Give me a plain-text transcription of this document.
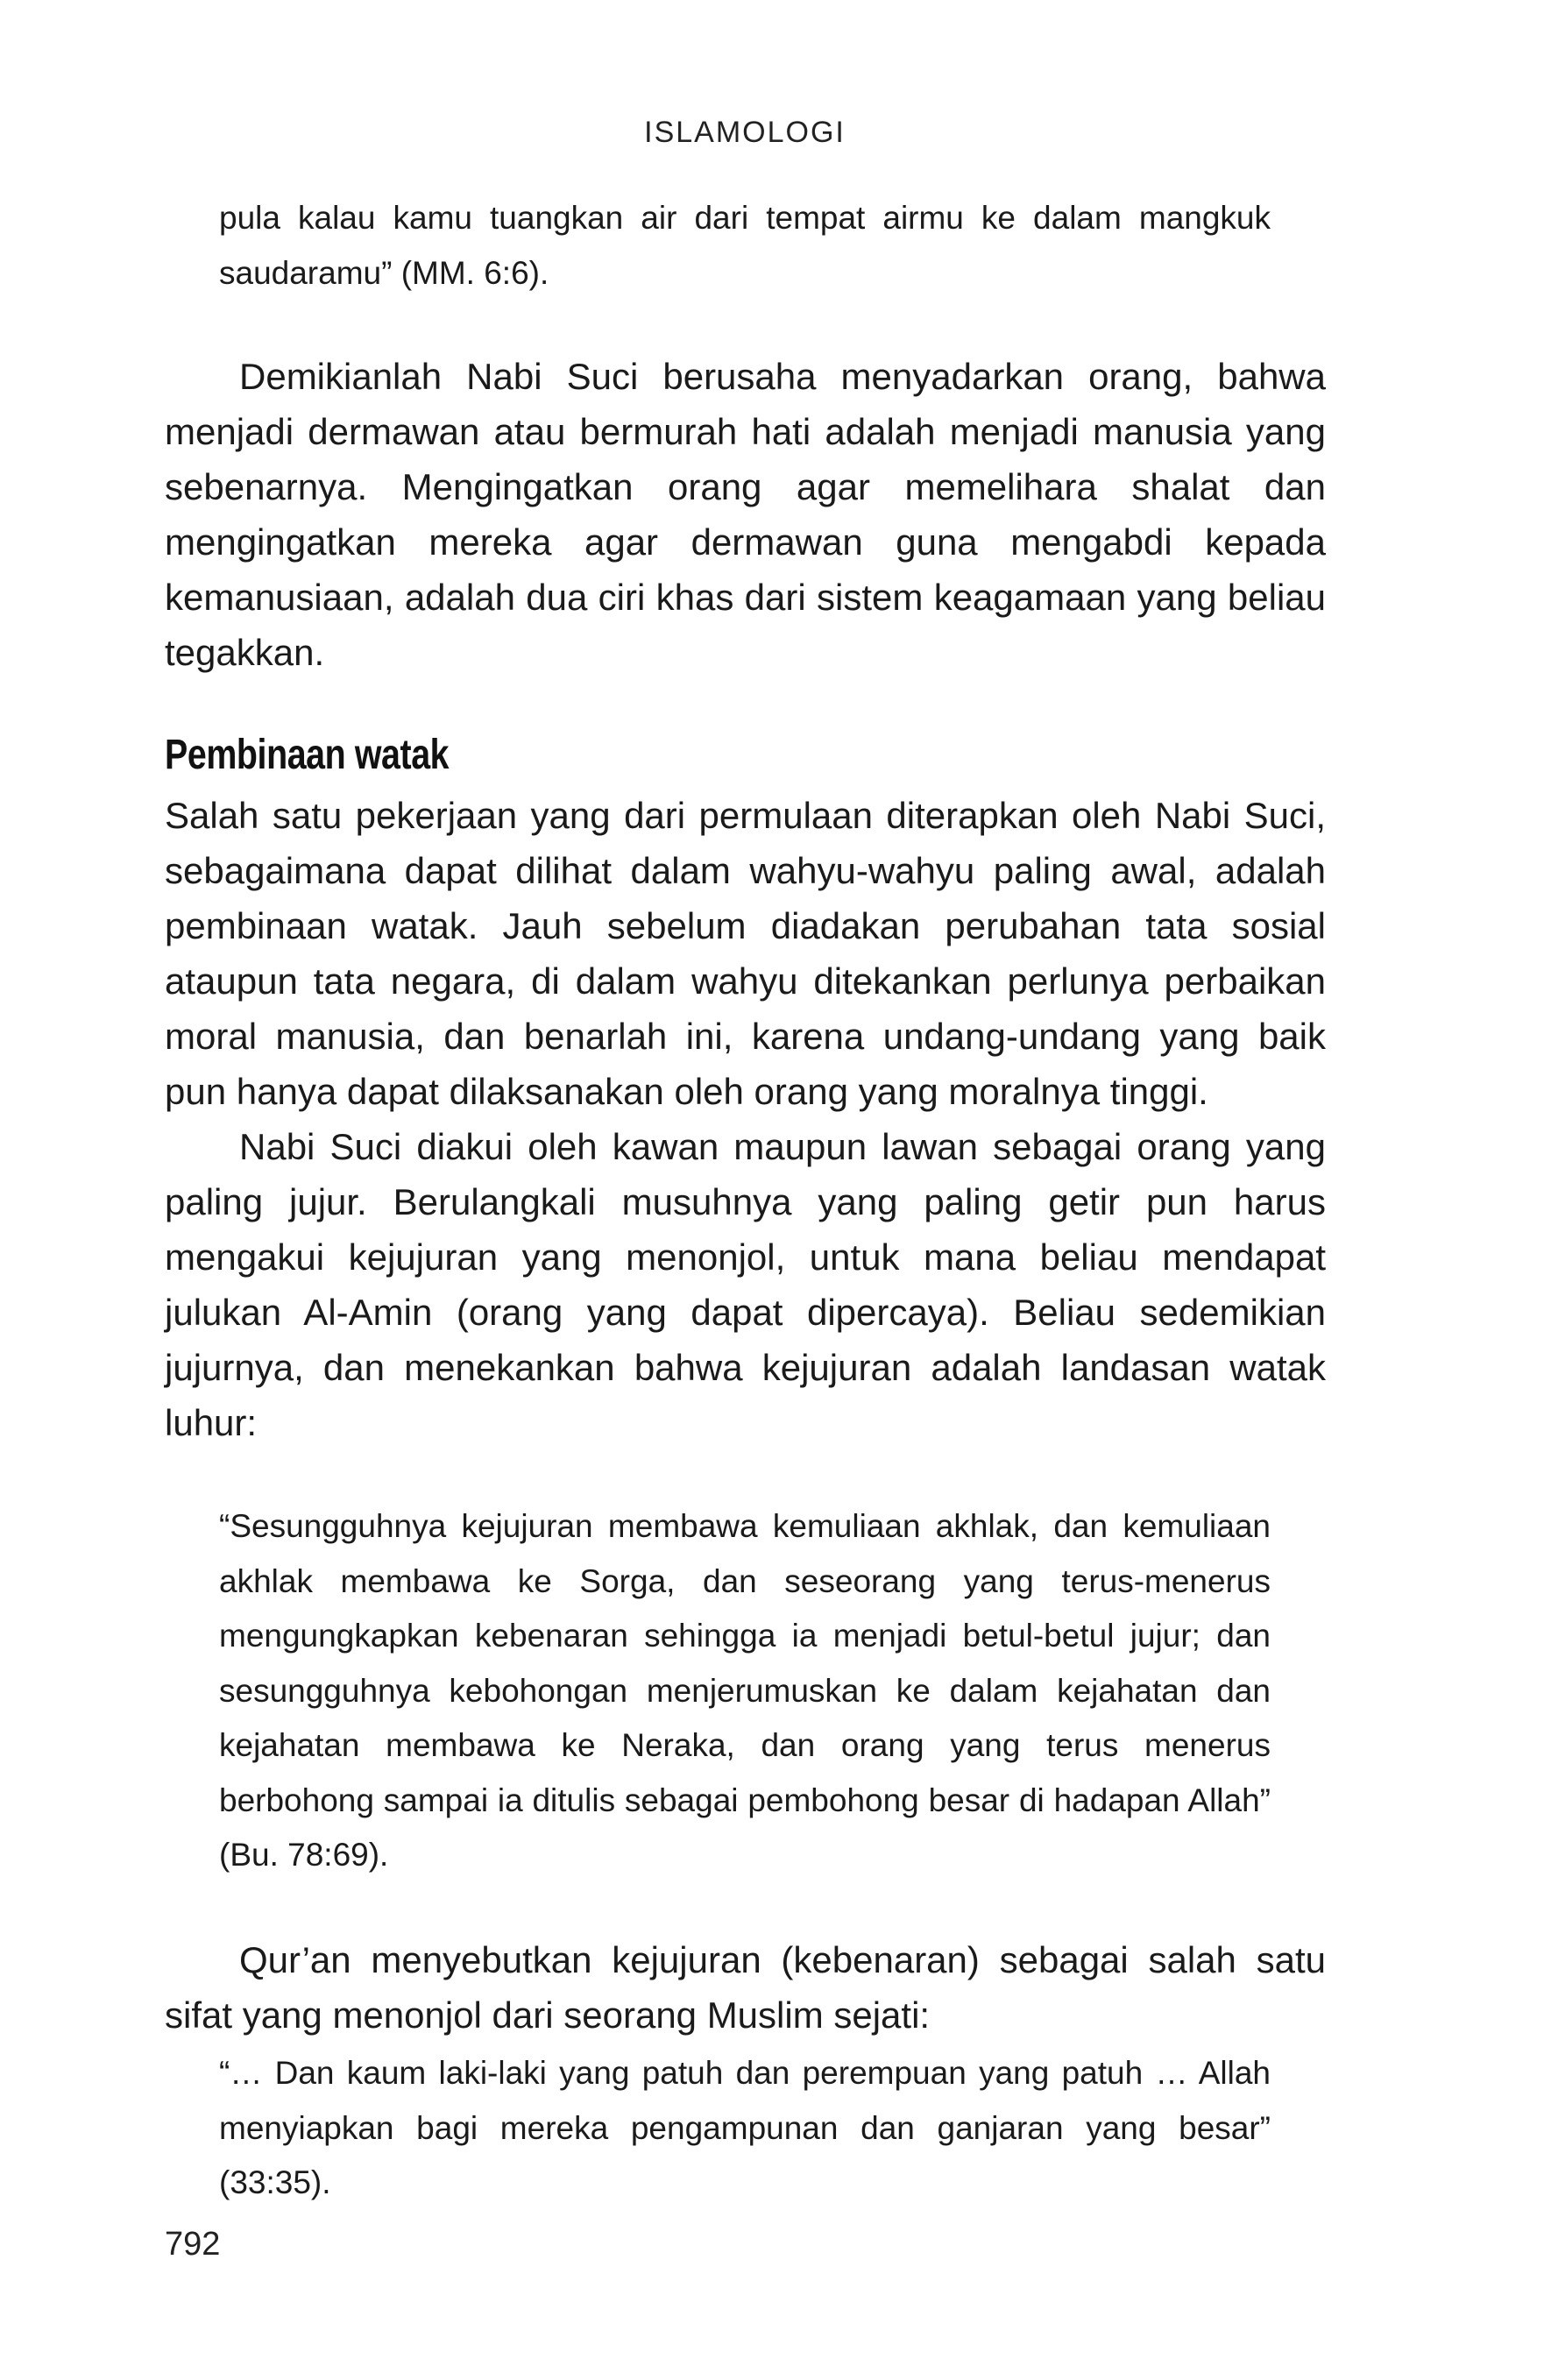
ISLAMOLOGI

pula kalau kamu tuangkan air dari tempat airmu ke dalam mangkuk saudaramu” (MM. 6:6).

Demikianlah Nabi Suci berusaha menyadarkan orang, bahwa menjadi dermawan atau bermurah hati adalah menjadi manusia yang sebenarnya. Mengingatkan orang agar memelihara shalat dan mengingatkan mereka agar dermawan guna mengabdi kepada kemanusiaan, adalah dua ciri khas dari sistem keagamaan yang beliau tegakkan.

Pembinaan watak

Salah satu pekerjaan yang dari permulaan diterapkan oleh Nabi Suci, sebagaimana dapat dilihat dalam wahyu-wahyu paling awal, adalah pembinaan watak. Jauh sebelum diadakan perubahan tata sosial ataupun tata negara, di dalam wahyu ditekankan perlunya perbaikan moral manusia, dan benarlah ini, karena undang-undang yang baik pun hanya dapat dilaksanakan oleh orang yang moralnya tinggi.

Nabi Suci diakui oleh kawan maupun lawan sebagai orang yang paling jujur. Berulangkali musuhnya yang paling getir pun harus mengakui kejujuran yang menonjol, untuk mana beliau mendapat julukan Al-Amin (orang yang dapat dipercaya). Beliau sedemikian jujurnya, dan menekankan bahwa kejujuran adalah landasan watak luhur:

“Sesungguhnya kejujuran membawa kemuliaan akhlak, dan kemuliaan akhlak membawa ke Sorga, dan seseorang yang terus-menerus mengungkapkan kebenaran sehingga ia menjadi betul-betul jujur; dan sesungguhnya kebohongan menjerumuskan ke dalam kejahatan dan kejahatan membawa ke Neraka, dan orang yang terus menerus berbohong sampai ia ditulis sebagai pembohong besar di hadapan Allah” (Bu. 78:69).

Qur’an menyebutkan kejujuran (kebenaran) sebagai salah satu sifat yang menonjol dari seorang Muslim sejati:

“… Dan kaum laki-laki yang patuh dan perempuan yang patuh … Allah menyiapkan bagi mereka pengampunan dan ganjaran yang besar” (33:35).

792
